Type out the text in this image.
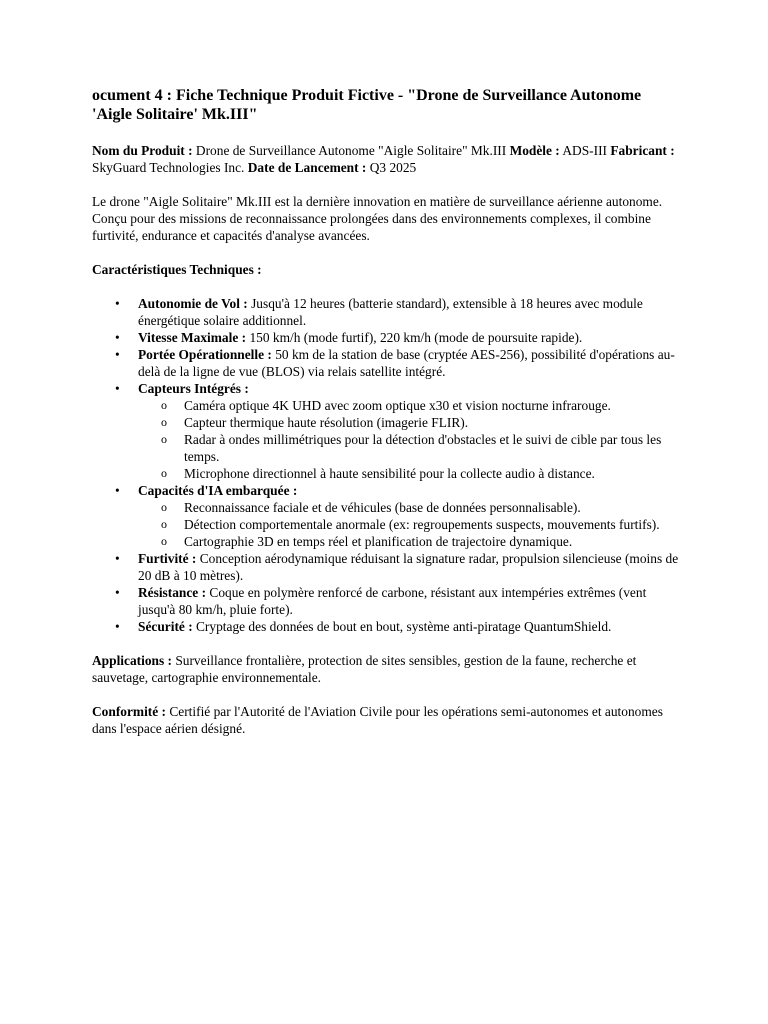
ocument 4 : Fiche Technique Produit Fictive - "Drone de Surveillance Autonome 'Aigle Solitaire' Mk.III"

Nom du Produit : Drone de Surveillance Autonome "Aigle Solitaire" Mk.III Modèle : ADS-III Fabricant : SkyGuard Technologies Inc. Date de Lancement : Q3 2025

Le drone "Aigle Solitaire" Mk.III est la dernière innovation en matière de surveillance aérienne autonome. Conçu pour des missions de reconnaissance prolongées dans des environnements complexes, il combine furtivité, endurance et capacités d'analyse avancées.

Caractéristiques Techniques :

• Autonomie de Vol : Jusqu'à 12 heures (batterie standard), extensible à 18 heures avec module énergétique solaire additionnel.
• Vitesse Maximale : 150 km/h (mode furtif), 220 km/h (mode de poursuite rapide).
• Portée Opérationnelle : 50 km de la station de base (cryptée AES-256), possibilité d'opérations au-delà de la ligne de vue (BLOS) via relais satellite intégré.
• Capteurs Intégrés :
o Caméra optique 4K UHD avec zoom optique x30 et vision nocturne infrarouge.
o Capteur thermique haute résolution (imagerie FLIR).
o Radar à ondes millimétriques pour la détection d'obstacles et le suivi de cible par tous les temps.
o Microphone directionnel à haute sensibilité pour la collecte audio à distance.
• Capacités d'IA embarquée :
o Reconnaissance faciale et de véhicules (base de données personnalisable).
o Détection comportementale anormale (ex: regroupements suspects, mouvements furtifs).
o Cartographie 3D en temps réel et planification de trajectoire dynamique.
• Furtivité : Conception aérodynamique réduisant la signature radar, propulsion silencieuse (moins de 20 dB à 10 mètres).
• Résistance : Coque en polymère renforcé de carbone, résistant aux intempéries extrêmes (vent jusqu'à 80 km/h, pluie forte).
• Sécurité : Cryptage des données de bout en bout, système anti-piratage QuantumShield.

Applications : Surveillance frontalière, protection de sites sensibles, gestion de la faune, recherche et sauvetage, cartographie environnementale.

Conformité : Certifié par l'Autorité de l'Aviation Civile pour les opérations semi-autonomes et autonomes dans l'espace aérien désigné.
